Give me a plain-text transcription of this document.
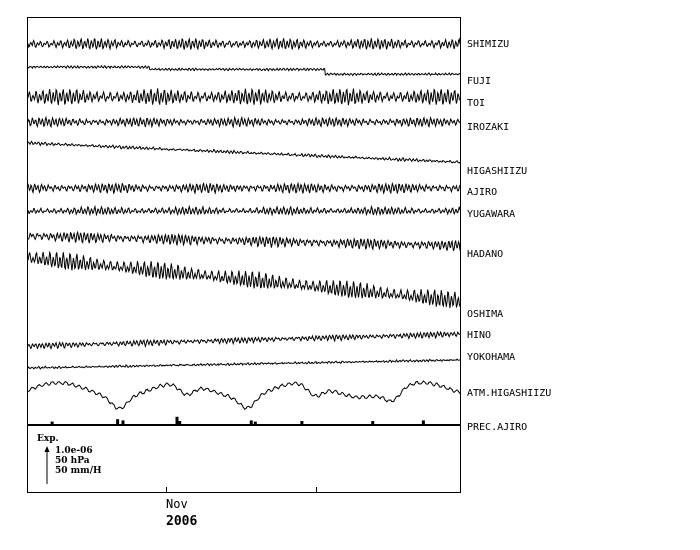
SHIMIZU
FUJI
TOI
IROZAKI
HIGASHIIZU
AJIRO
YUGAWARA
HADANO
OSHIMA
HINO
YOKOHAMA
ATM.HIGASHIIZU
PREC.AJIRO
Exp.
1.0e-06
50 hPa
50 mm/H
Nov
2006
